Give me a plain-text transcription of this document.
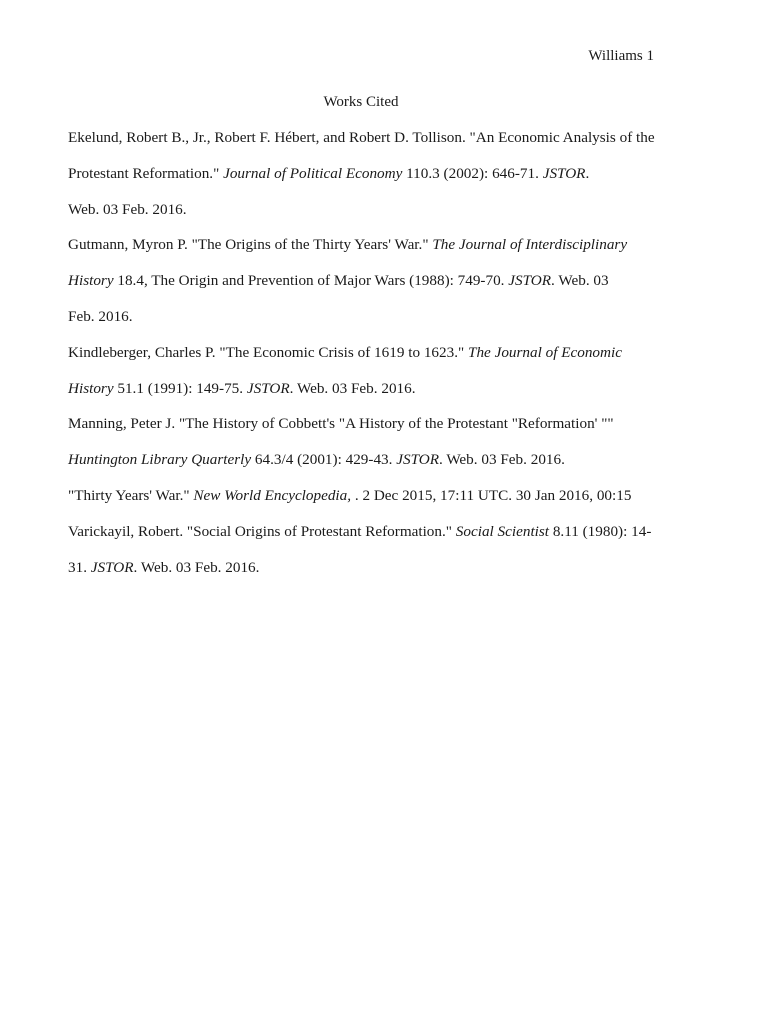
Williams 1
Works Cited

Ekelund, Robert B., Jr., Robert F. Hébert, and Robert D. Tollison. "An Economic Analysis of the
Protestant Reformation." Journal of Political Economy 110.3 (2002): 646-71. JSTOR.
Web. 03 Feb. 2016.

Gutmann, Myron P. "The Origins of the Thirty Years' War." The Journal of Interdisciplinary
History 18.4, The Origin and Prevention of Major Wars (1988): 749-70. JSTOR. Web. 03
Feb. 2016.

Kindleberger, Charles P. "The Economic Crisis of 1619 to 1623." The Journal of Economic
History 51.1 (1991): 149-75. JSTOR. Web. 03 Feb. 2016.

Manning, Peter J. "The History of Cobbett's "A History of the Protestant "Reformation' ""
Huntington Library Quarterly 64.3/4 (2001): 429-43. JSTOR. Web. 03 Feb. 2016.

"Thirty Years' War." New World Encyclopedia, . 2 Dec 2015, 17:11 UTC. 30 Jan 2016, 00:15

Varickayil, Robert. "Social Origins of Protestant Reformation." Social Scientist 8.11 (1980): 14-
31. JSTOR. Web. 03 Feb. 2016.
